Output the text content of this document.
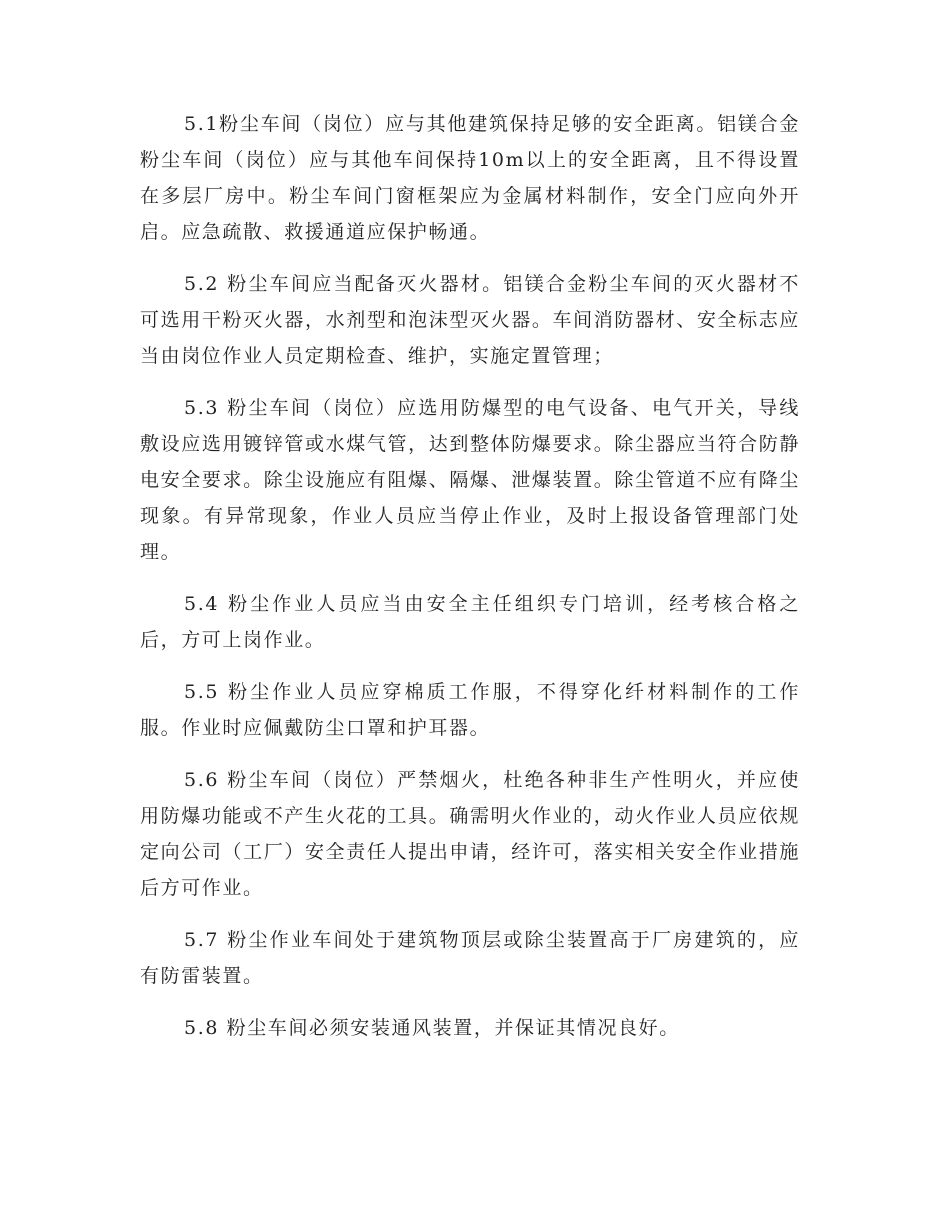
5.1粉尘车间（岗位）应与其他建筑保持足够的安全距离。铝镁合金粉尘车间（岗位）应与其他车间保持10m以上的安全距离，且不得设置在多层厂房中。粉尘车间门窗框架应为金属材料制作，安全门应向外开启。应急疏散、救援通道应保护畅通。

5.2 粉尘车间应当配备灭火器材。铝镁合金粉尘车间的灭火器材不可选用干粉灭火器，水剂型和泡沫型灭火器。车间消防器材、安全标志应当由岗位作业人员定期检查、维护，实施定置管理；

5.3 粉尘车间（岗位）应选用防爆型的电气设备、电气开关，导线敷设应选用镀锌管或水煤气管，达到整体防爆要求。除尘器应当符合防静电安全要求。除尘设施应有阻爆、隔爆、泄爆装置。除尘管道不应有降尘现象。有异常现象，作业人员应当停止作业，及时上报设备管理部门处理。

5.4 粉尘作业人员应当由安全主任组织专门培训，经考核合格之后，方可上岗作业。

5.5 粉尘作业人员应穿棉质工作服，不得穿化纤材料制作的工作服。作业时应佩戴防尘口罩和护耳器。

5.6 粉尘车间（岗位）严禁烟火，杜绝各种非生产性明火，并应使用防爆功能或不产生火花的工具。确需明火作业的，动火作业人员应依规定向公司（工厂）安全责任人提出申请，经许可，落实相关安全作业措施后方可作业。

5.7 粉尘作业车间处于建筑物顶层或除尘装置高于厂房建筑的，应有防雷装置。

5.8 粉尘车间必须安装通风装置，并保证其情况良好。
